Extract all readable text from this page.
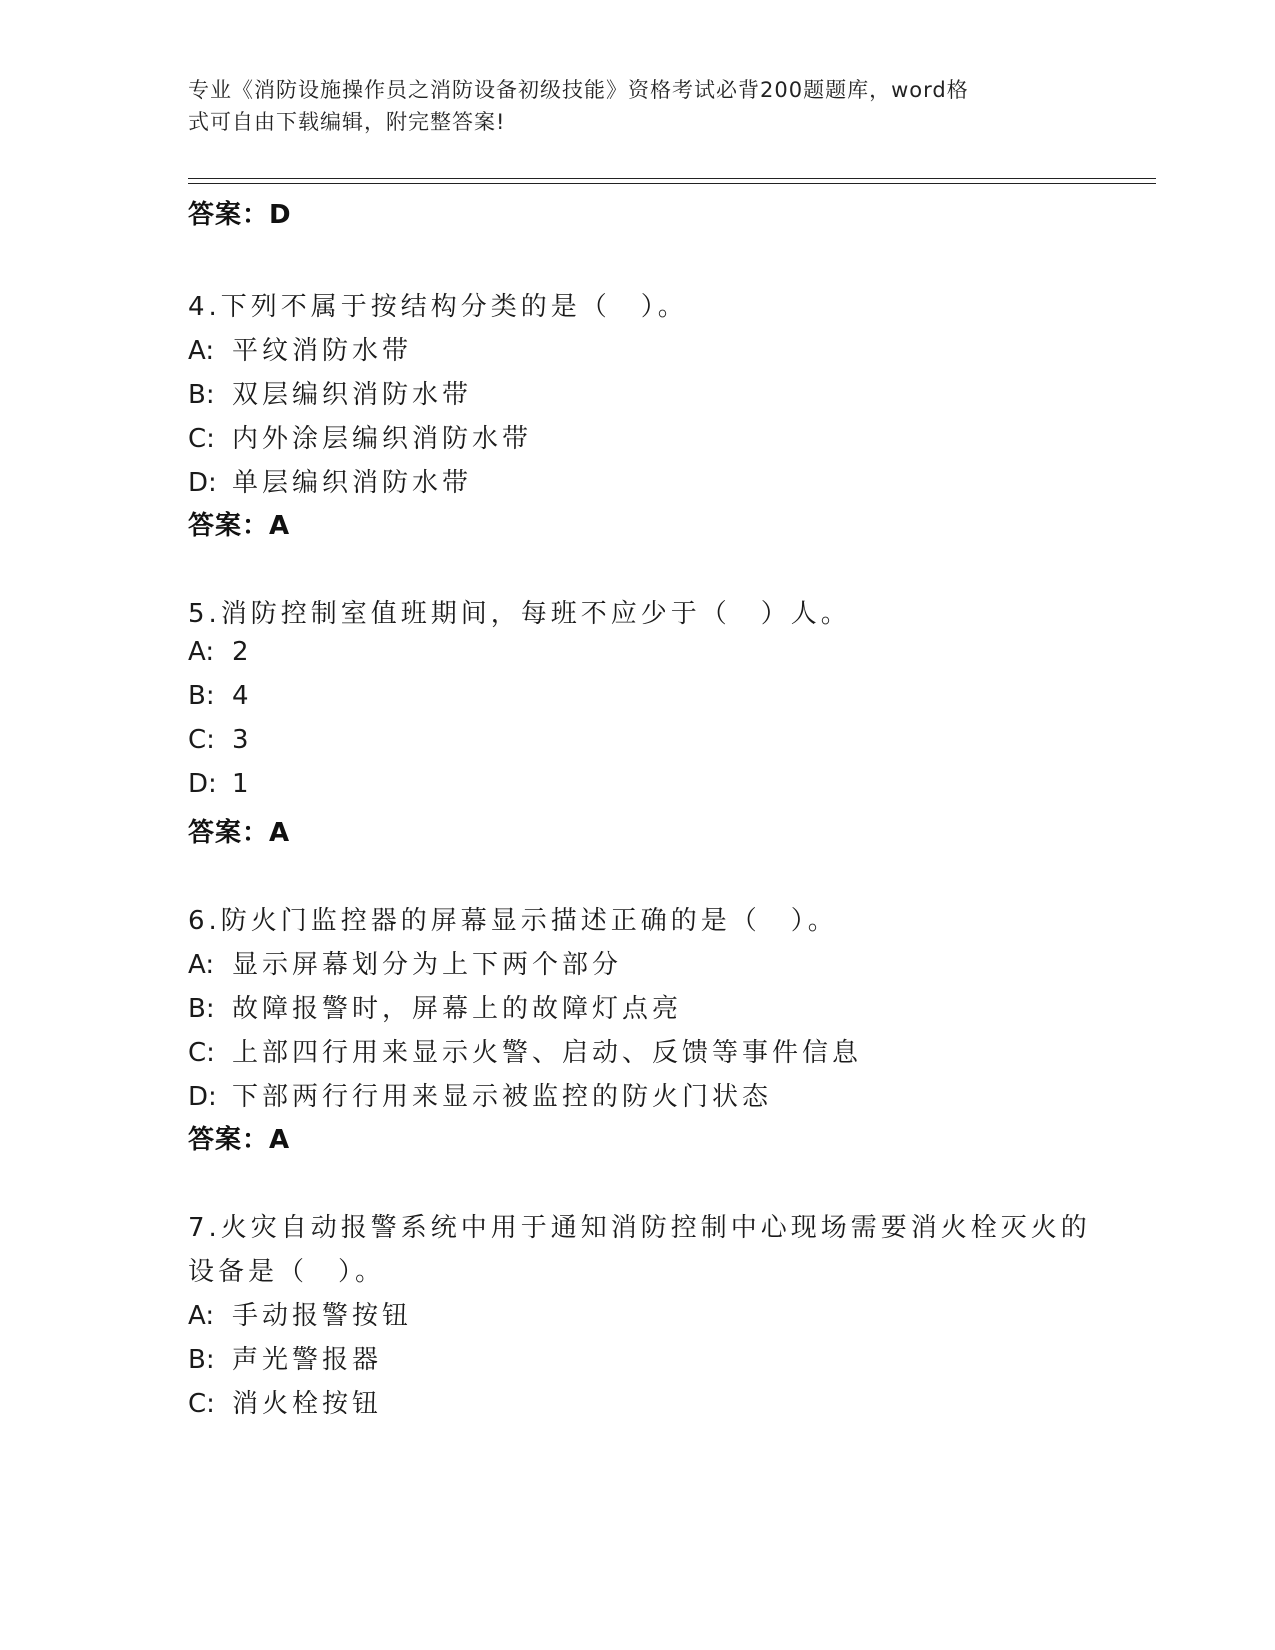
专业《消防设施操作员之消防设备初级技能》资格考试必背200题题库，word格
式可自由下载编辑，附完整答案!
答案：D
4.下列不属于按结构分类的是（　）。
A: 平纹消防水带
B: 双层编织消防水带
C: 内外涂层编织消防水带
D: 单层编织消防水带
答案：A
5.消防控制室值班期间，每班不应少于（　）人。
A: 2
B: 4
C: 3
D: 1
答案：A
6.防火门监控器的屏幕显示描述正确的是（　）。
A: 显示屏幕划分为上下两个部分
B: 故障报警时，屏幕上的故障灯点亮
C: 上部四行用来显示火警、启动、反馈等事件信息
D: 下部两行行用来显示被监控的防火门状态
答案：A
7.火灾自动报警系统中用于通知消防控制中心现场需要消火栓灭火的
设备是（　）。
A: 手动报警按钮
B: 声光警报器
C: 消火栓按钮
